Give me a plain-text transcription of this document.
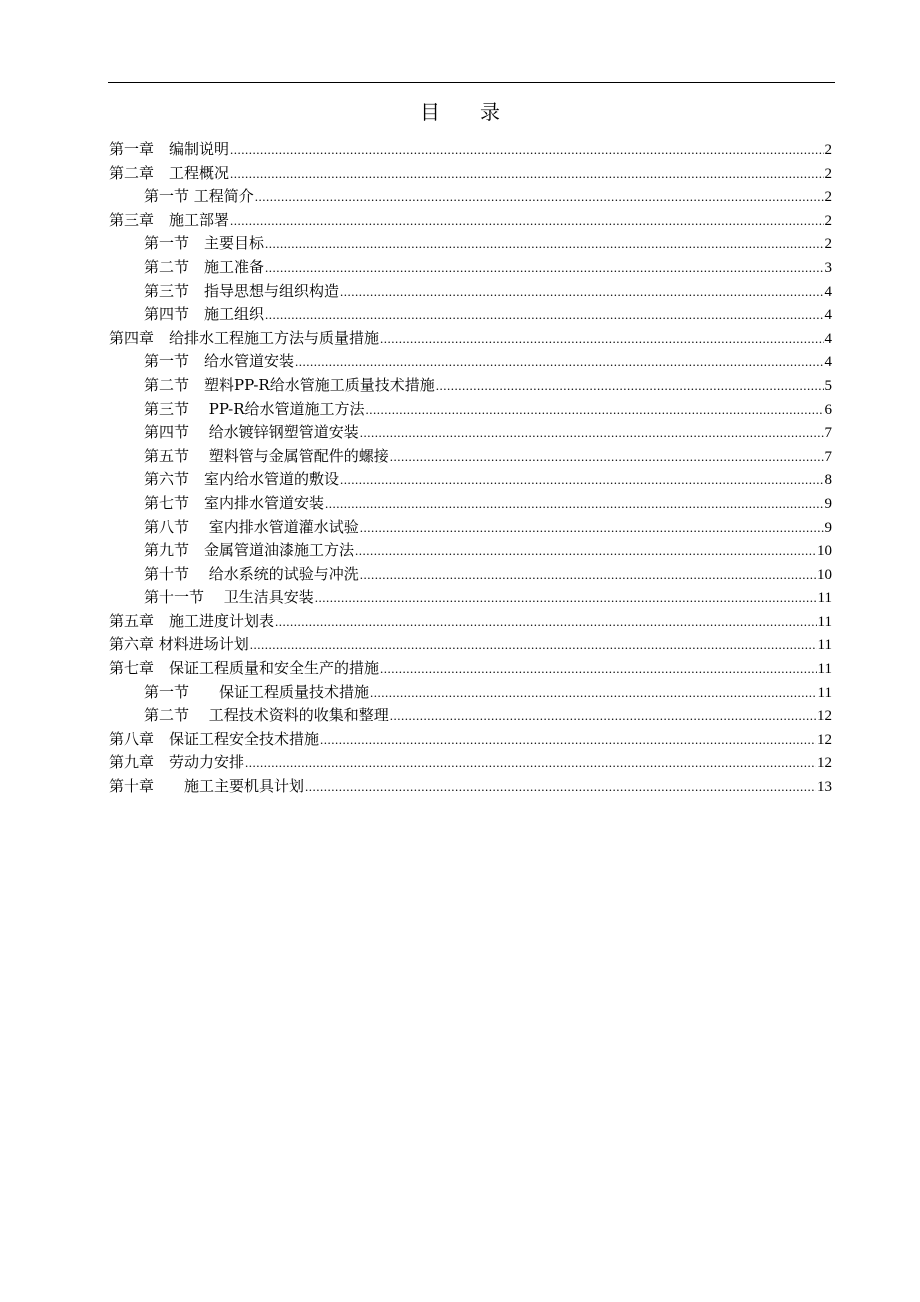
目　　录
第一章　编制说明 .....	2
第二章　工程概况 .....	2
第一节 工程简介 .....	2
第三章　施工部署 .....	2
第一节　主要目标 .....	2
第二节　施工准备 .....	3
第三节　指导思想与组织构造 .....	4
第四节　施工组织 .....	4
第四章　给排水工程施工方法与质量措施 .....	4
第一节　给水管道安装 .....	4
第二节　塑料PP-R给水管施工质量技术措施 .....	5
第三节　 PP-R给水管道施工方法 .....	6
第四节　 给水镀锌钢塑管道安装 .....	7
第五节　 塑料管与金属管配件的螺接 .....	7
第六节　室内给水管道的敷设 .....	8
第七节　室内排水管道安装 .....	9
第八节　 室内排水管道灌水试验 .....	9
第九节　金属管道油漆施工方法 .....	10
第十节　 给水系统的试验与冲洗 .....	10
第十一节　 卫生洁具安装 .....	11
第五章　施工进度计划表 .....	11
第六章 材料进场计划 .....	11
第七章　保证工程质量和安全生产的措施 .....	11
第一节　　保证工程质量技术措施 .....	11
第二节　 工程技术资料的收集和整理 .....	12
第八章　保证工程安全技术措施 .....	12
第九章　劳动力安排 .....	12
第十章　　施工主要机具计划 .....	13
